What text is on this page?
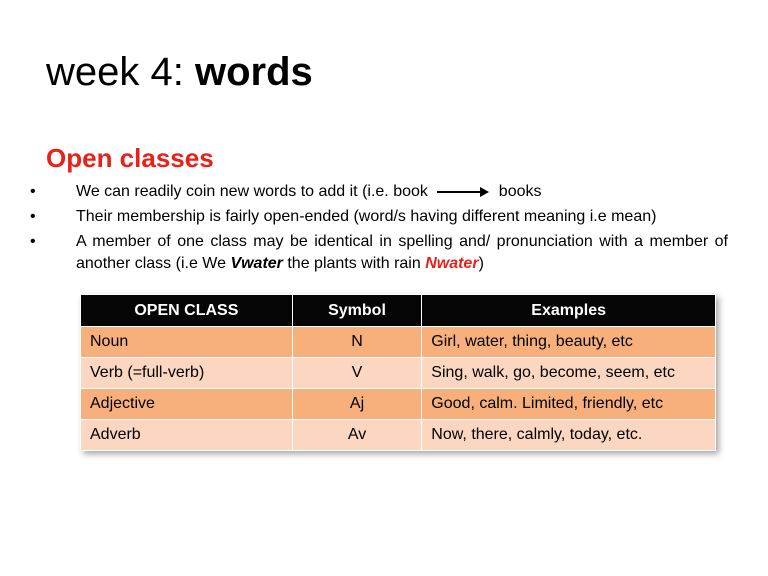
week 4: words
Open classes
•	We can readily coin new words to add it (i.e. book	books
•	Their membership is fairly open-ended (word/s having different meaning i.e mean)
•	A member of one class may be identical in spelling and/ pronunciation with a member of another class (i.e We Vwater the plants with rain Nwater)
OPEN CLASS	Symbol	Examples
Noun	N	Girl, water, thing, beauty, etc
Verb (=full-verb)	V	Sing, walk, go, become, seem, etc
Adjective	Aj	Good, calm. Limited, friendly, etc
Adverb	Av	Now, there, calmly, today, etc.
